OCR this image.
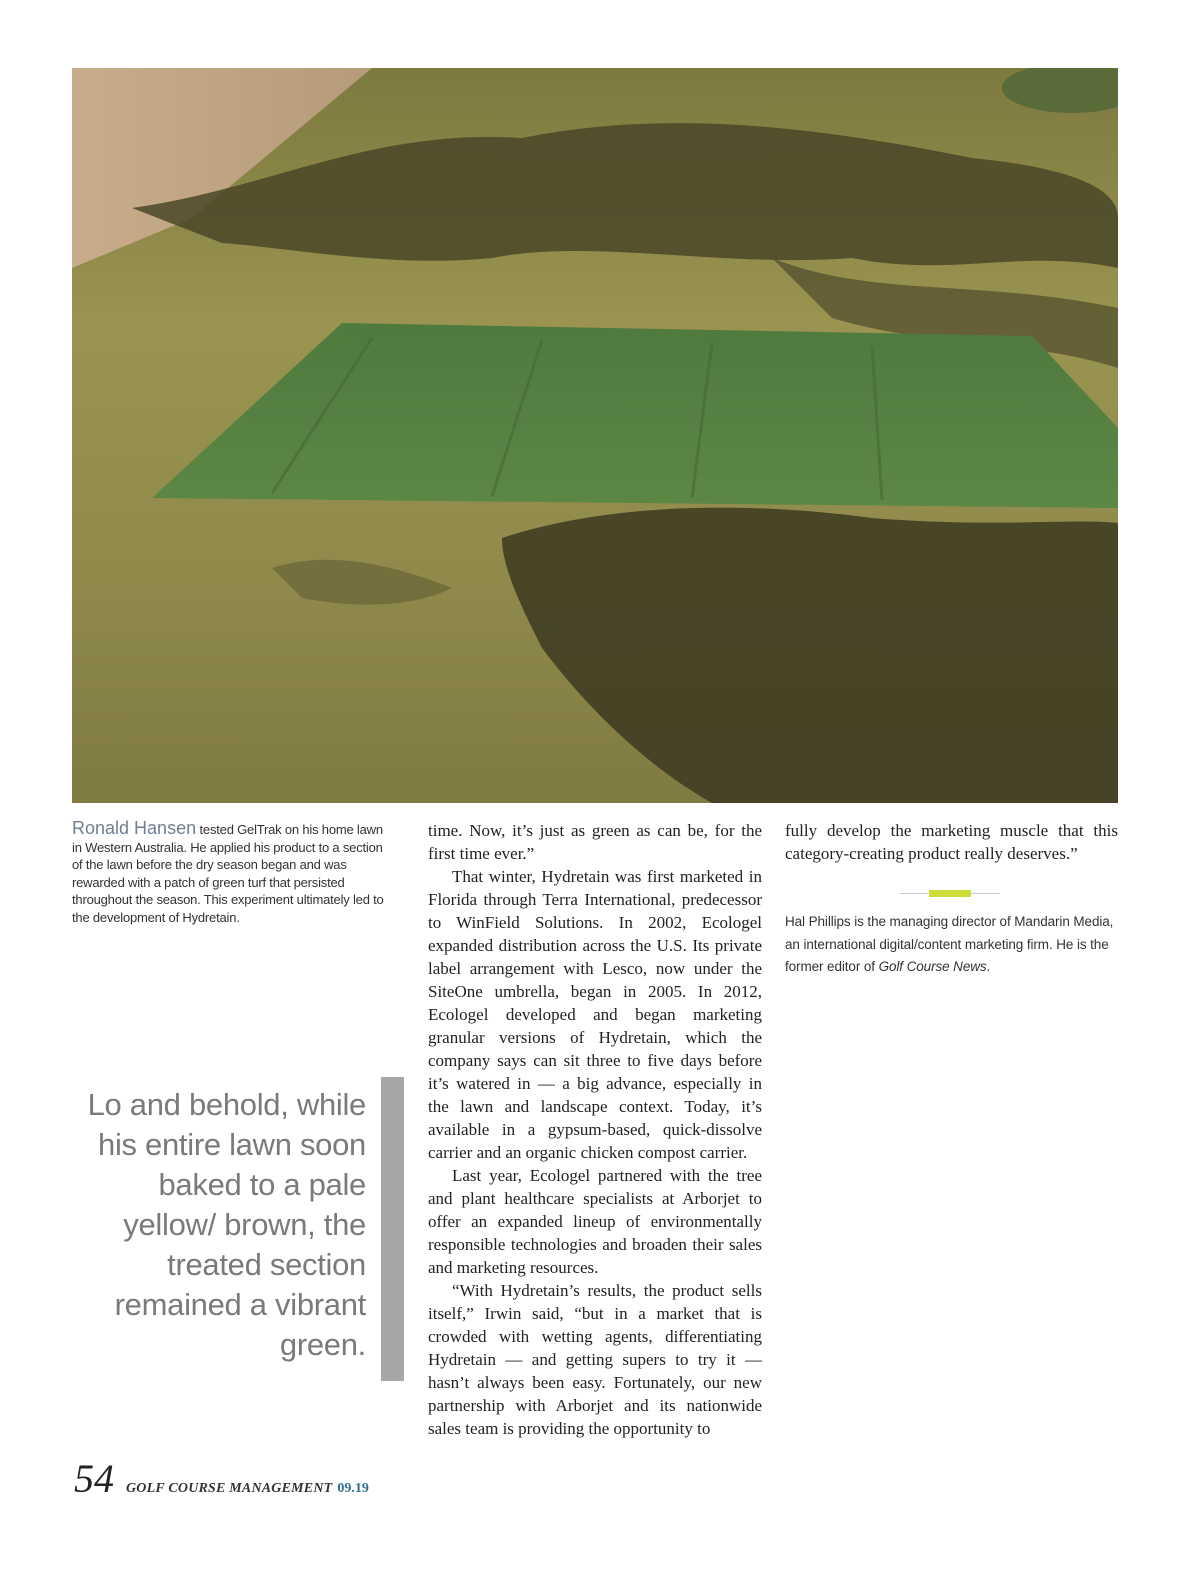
Ronald Hansen tested GelTrak on his home lawn in Western Australia. He applied his product to a section of the lawn before the dry season began and was rewarded with a patch of green turf that persisted throughout the season. This experiment ultimately led to the development of Hydretain.
Lo and behold, while his entire lawn soon baked to a pale yellow/ brown, the treated section remained a vibrant green.

time. Now, it’s just as green as can be, for the first time ever.”

That winter, Hydretain was first marketed in Florida through Terra International, predecessor to WinField Solutions. In 2002, Ecologel expanded distribution across the U.S. Its private label arrangement with Lesco, now under the SiteOne umbrella, began in 2005. In 2012, Ecologel developed and began marketing granular versions of Hydretain, which the company says can sit three to five days before it’s watered in — a big advance, especially in the lawn and landscape context. Today, it’s available in a gypsum-based, quick-dissolve carrier and an organic chicken compost carrier.

Last year, Ecologel partnered with the tree and plant healthcare specialists at Arborjet to offer an expanded lineup of environmentally responsible technologies and broaden their sales and marketing resources.

“With Hydretain’s results, the product sells itself,” Irwin said, “but in a market that is crowded with wetting agents, differentiating Hydretain — and getting supers to try it — hasn’t always been easy. Fortunately, our new partnership with Arborjet and its nationwide sales team is providing the opportunity to

fully develop the marketing muscle that this category-creating product really deserves.”

Hal Phillips is the managing director of Mandarin Media, an international digital/content marketing firm. He is the former editor of Golf Course News.
54 GOLF COURSE MANAGEMENT 09.19
